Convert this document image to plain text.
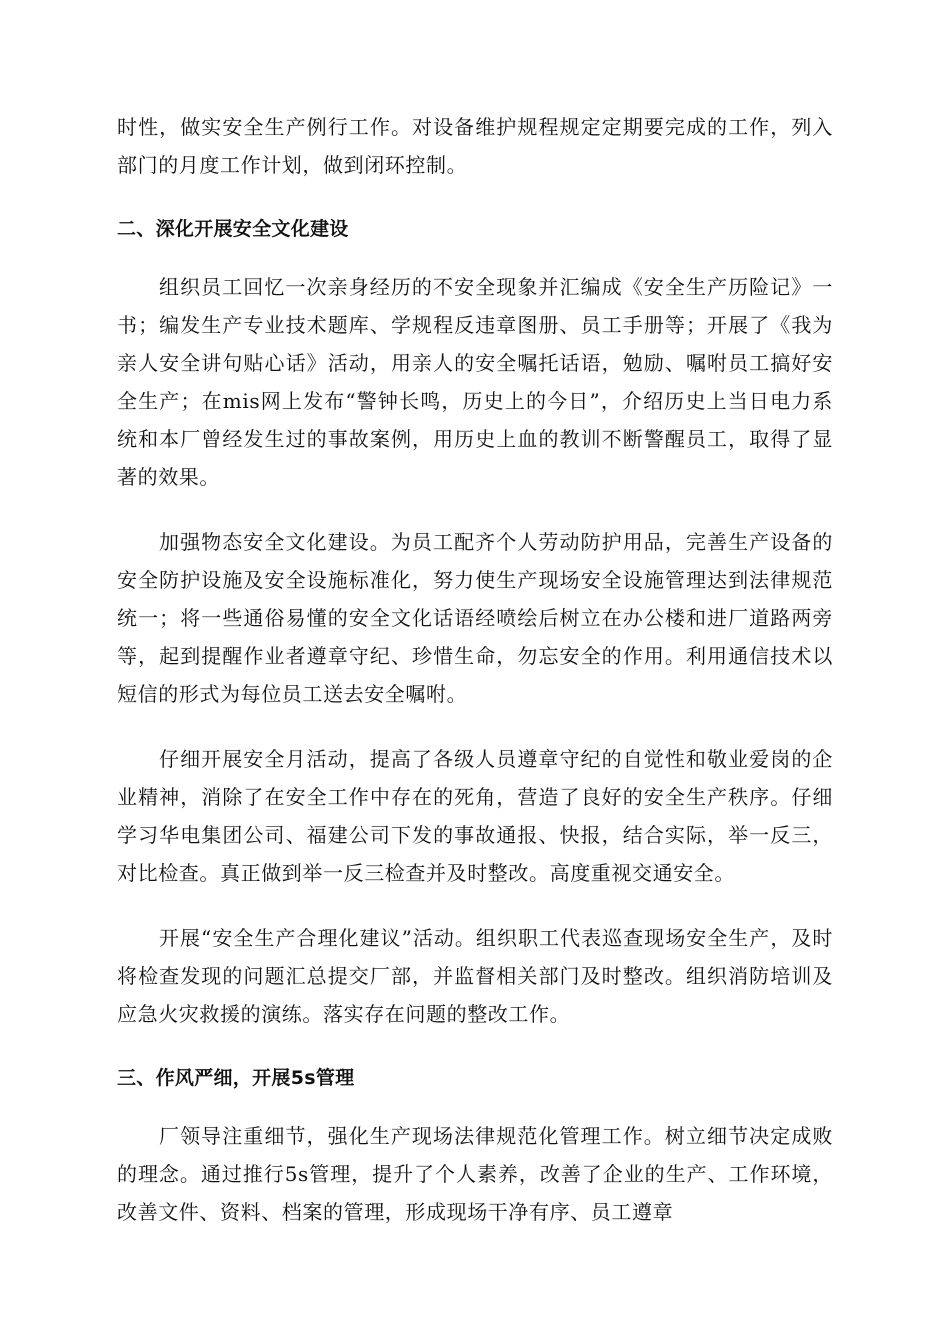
时性，做实安全生产例行工作。对设备维护规程规定定期要完成的工作，列入部门的月度工作计划，做到闭环控制。

二、深化开展安全文化建设

组织员工回忆一次亲身经历的不安全现象并汇编成《安全生产历险记》一书；编发生产专业技术题库、学规程反违章图册、员工手册等；开展了《我为亲人安全讲句贴心话》活动，用亲人的安全嘱托话语，勉励、嘱咐员工搞好安全生产；在mis网上发布“警钟长鸣，历史上的今日”，介绍历史上当日电力系统和本厂曾经发生过的事故案例，用历史上血的教训不断警醒员工，取得了显著的效果。

加强物态安全文化建设。为员工配齐个人劳动防护用品，完善生产设备的安全防护设施及安全设施标准化，努力使生产现场安全设施管理达到法律规范统一；将一些通俗易懂的安全文化话语经喷绘后树立在办公楼和进厂道路两旁等，起到提醒作业者遵章守纪、珍惜生命，勿忘安全的作用。利用通信技术以短信的形式为每位员工送去安全嘱咐。

仔细开展安全月活动，提高了各级人员遵章守纪的自觉性和敬业爱岗的企业精神，消除了在安全工作中存在的死角，营造了良好的安全生产秩序。仔细学习华电集团公司、福建公司下发的事故通报、快报，结合实际，举一反三，对比检查。真正做到举一反三检查并及时整改。高度重视交通安全。

开展“安全生产合理化建议”活动。组织职工代表巡查现场安全生产，及时将检查发现的问题汇总提交厂部，并监督相关部门及时整改。组织消防培训及应急火灾救援的演练。落实存在问题的整改工作。

三、作风严细，开展5s管理

厂领导注重细节，强化生产现场法律规范化管理工作。树立细节决定成败的理念。通过推行5s管理，提升了个人素养，改善了企业的生产、工作环境，改善文件、资料、档案的管理，形成现场干净有序、员工遵章
